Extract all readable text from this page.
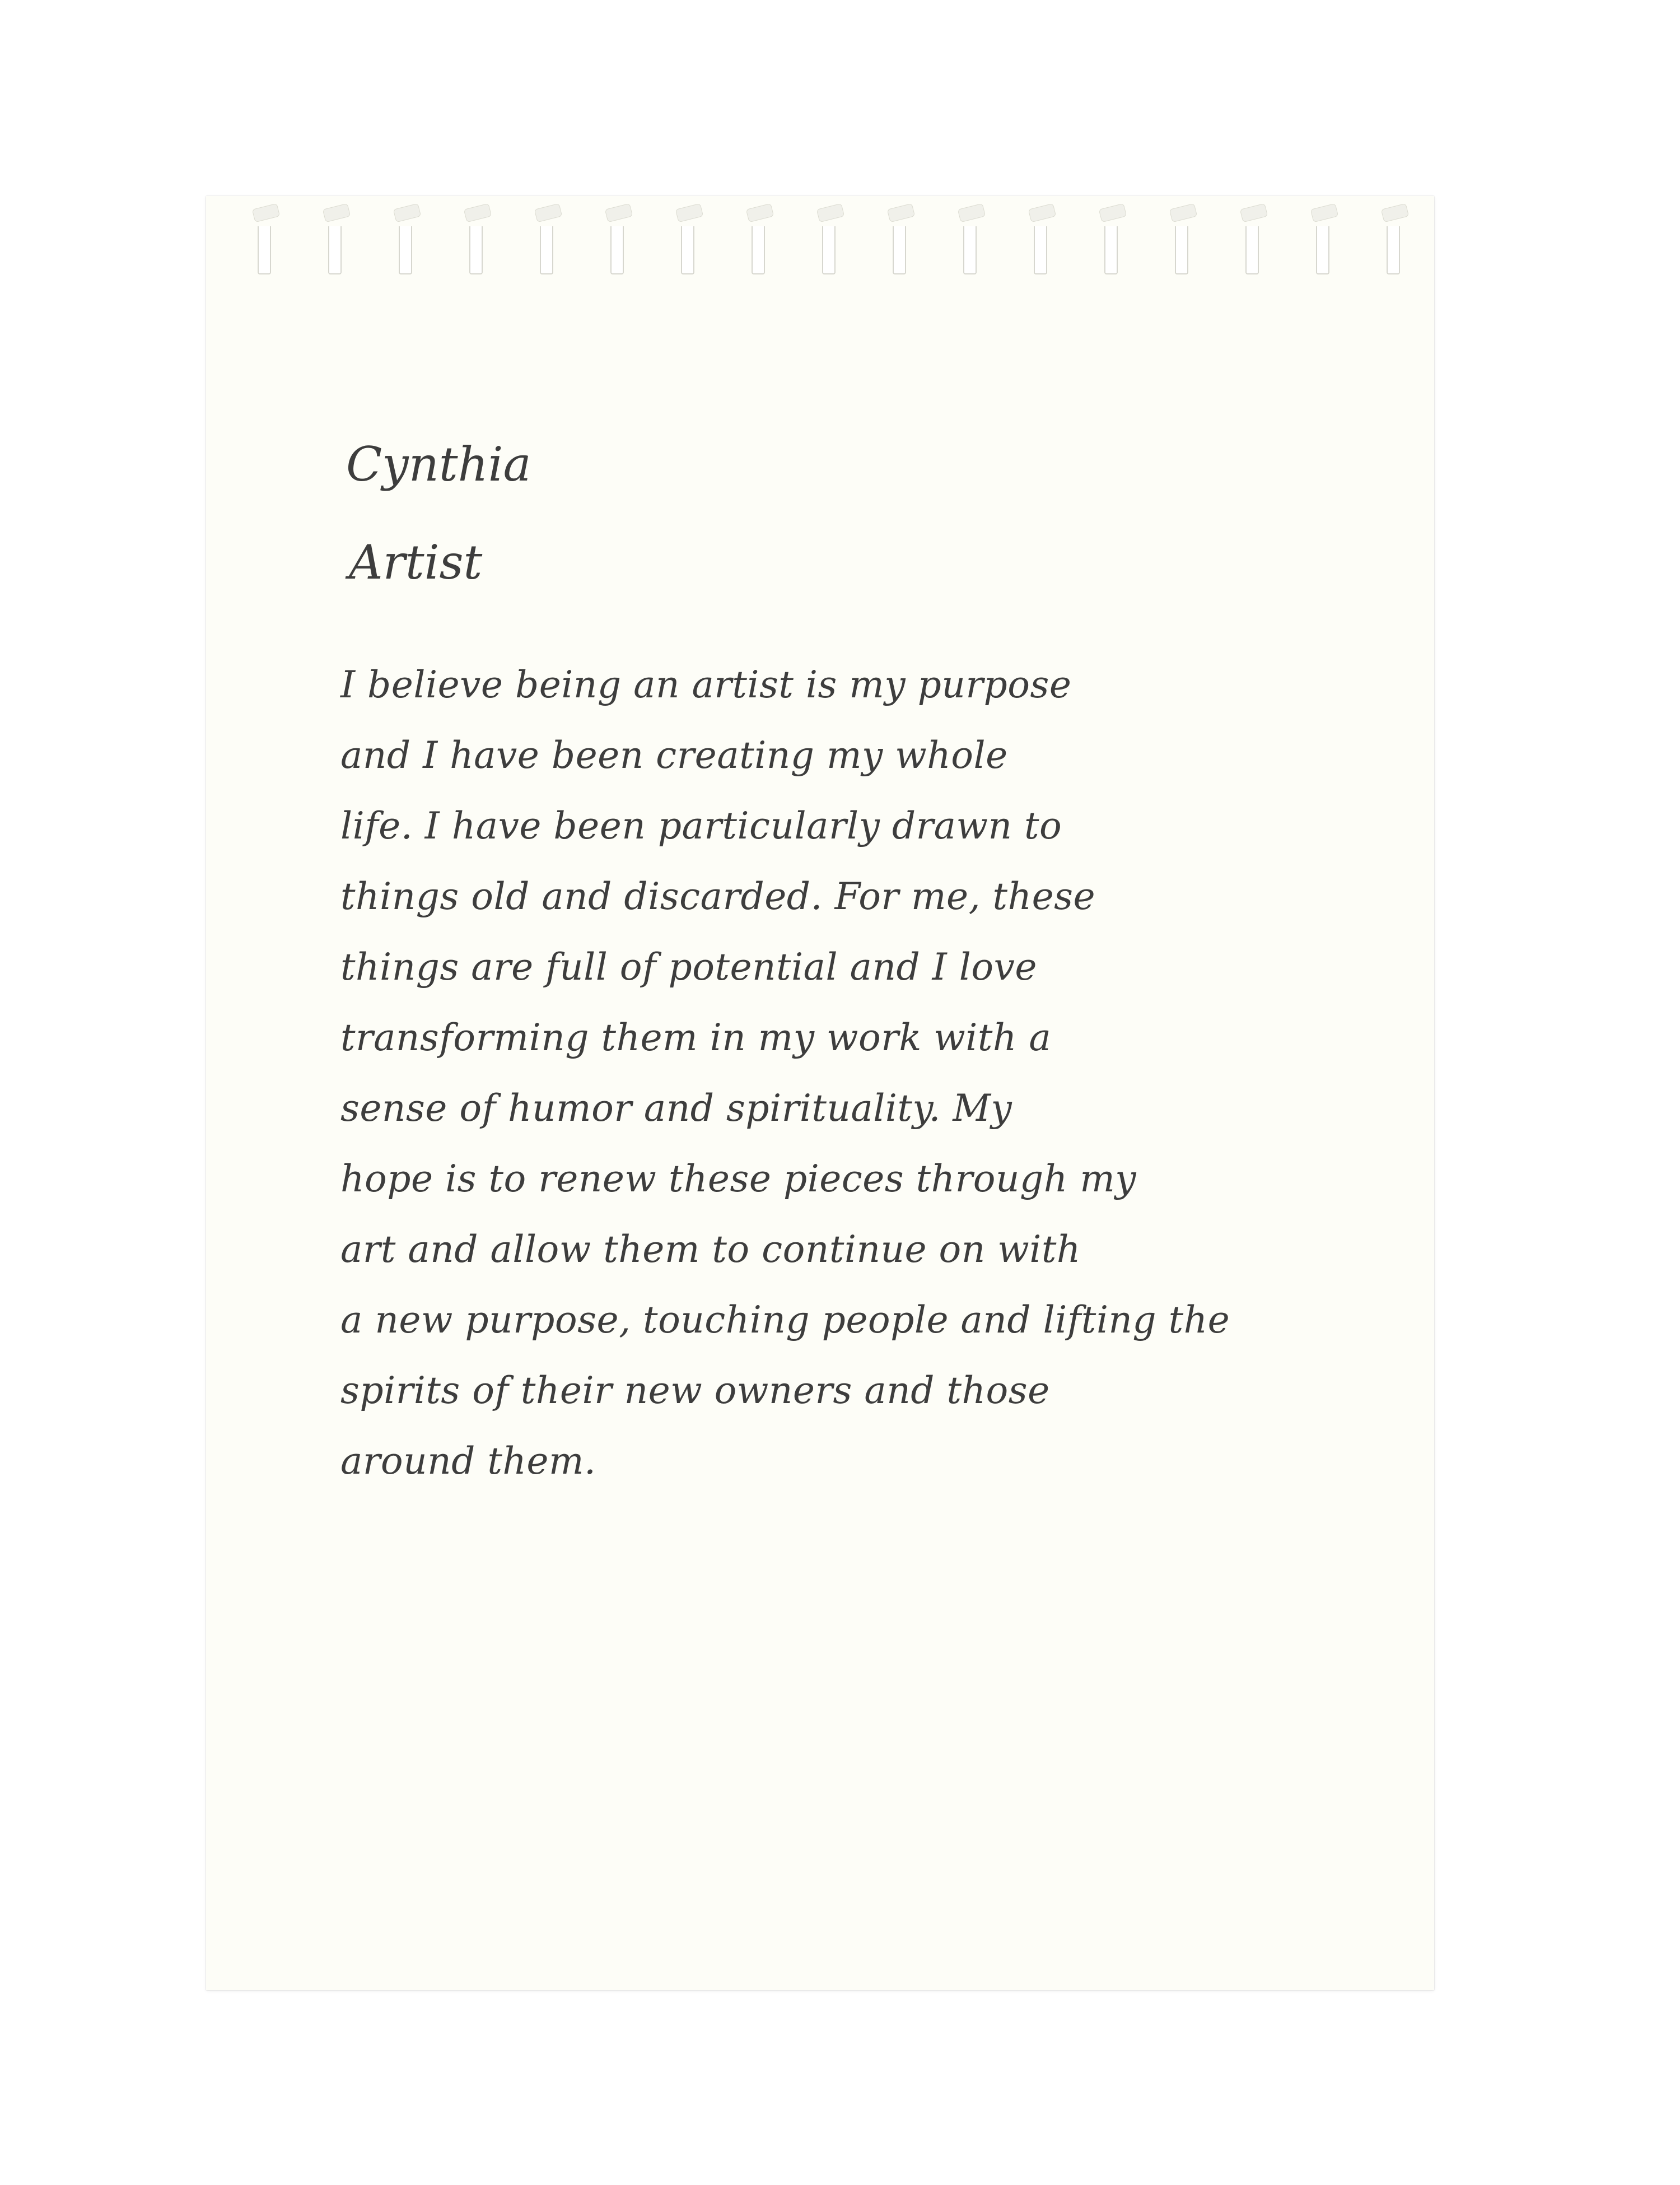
Cynthia
Artist
I believe being an artist is my purpose
and I have been creating my whole
life. I have been particularly drawn to
things old and discarded. For me, these
things are full of potential and I love
transforming them in my work with a
sense of humor and spirituality. My
hope is to renew these pieces through my
art and allow them to continue on with
a new purpose, touching people and lifting the
spirits of their new owners and those
around them.
